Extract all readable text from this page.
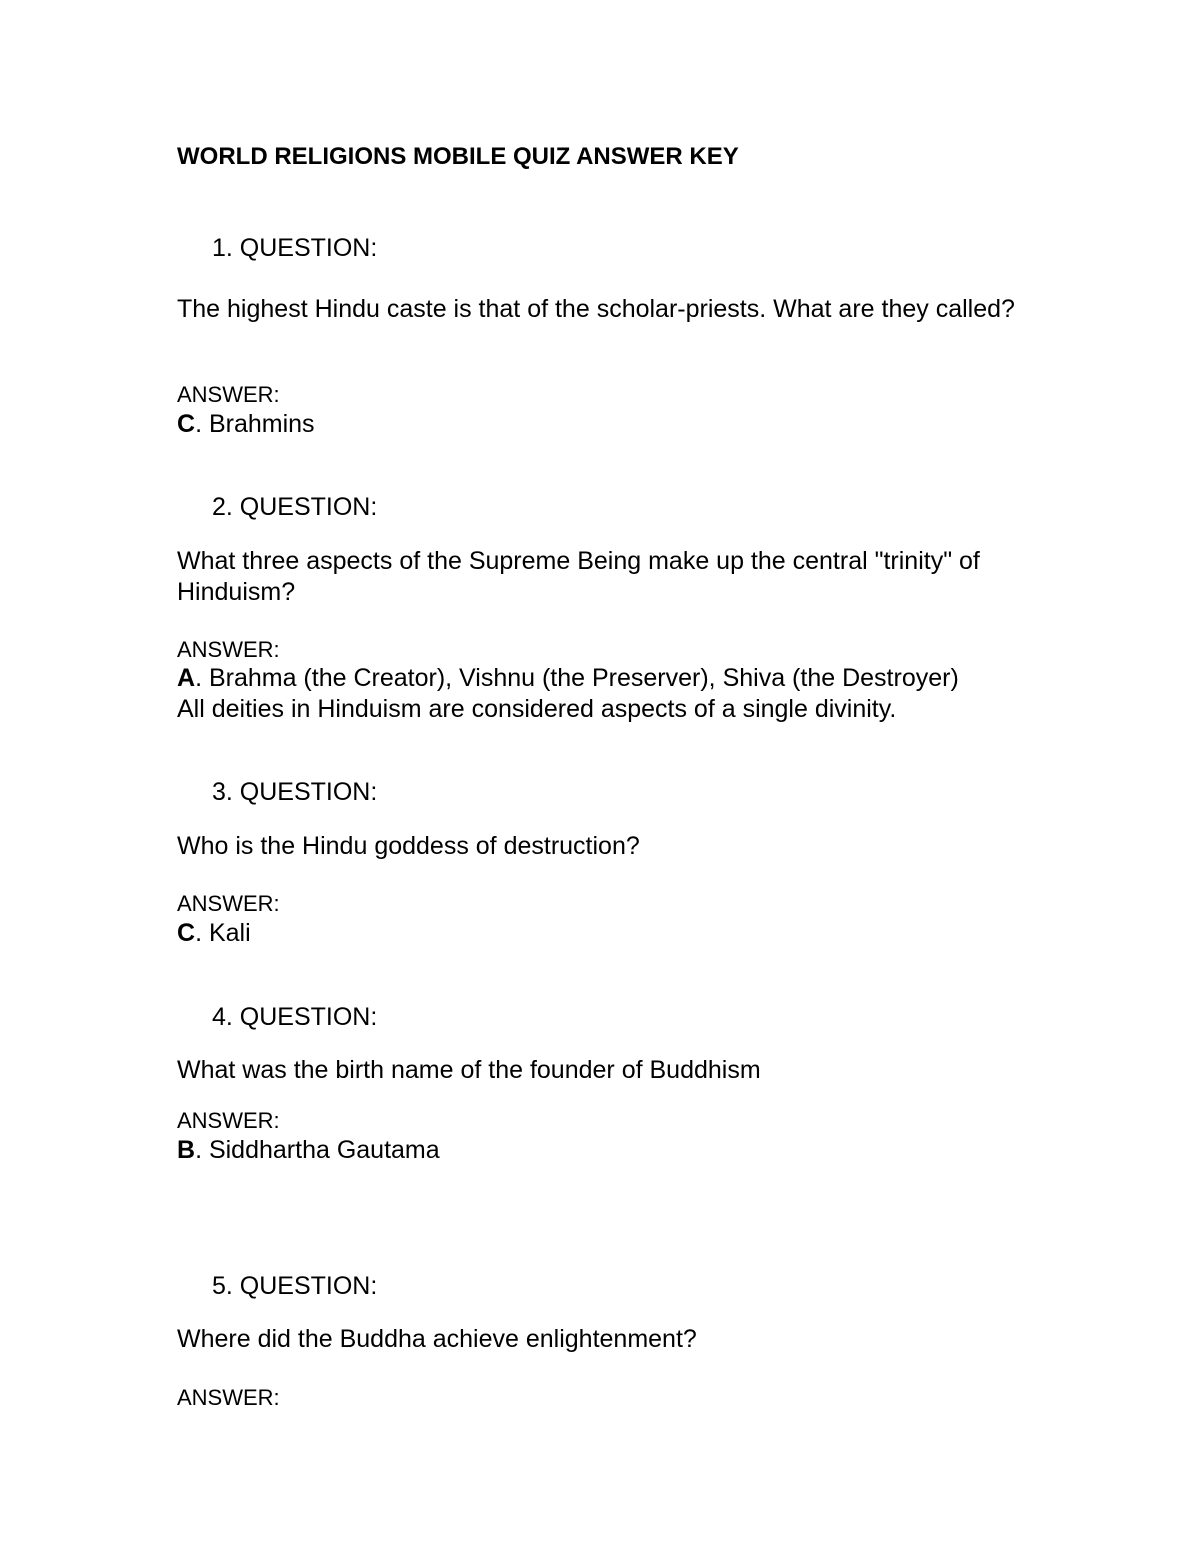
WORLD RELIGIONS MOBILE QUIZ ANSWER KEY
1. QUESTION:
The highest Hindu caste is that of the scholar-priests. What are they called?
ANSWER:
C. Brahmins
2. QUESTION:
What three aspects of the Supreme Being make up the central "trinity" of Hinduism?
ANSWER:
A. Brahma (the Creator), Vishnu (the Preserver), Shiva (the Destroyer)
All deities in Hinduism are considered aspects of a single divinity.
3. QUESTION:
Who is the Hindu goddess of destruction?
ANSWER:
C. Kali
4. QUESTION:
What was the birth name of the founder of Buddhism
ANSWER:
B. Siddhartha Gautama
5. QUESTION:
Where did the Buddha achieve enlightenment?
ANSWER:
